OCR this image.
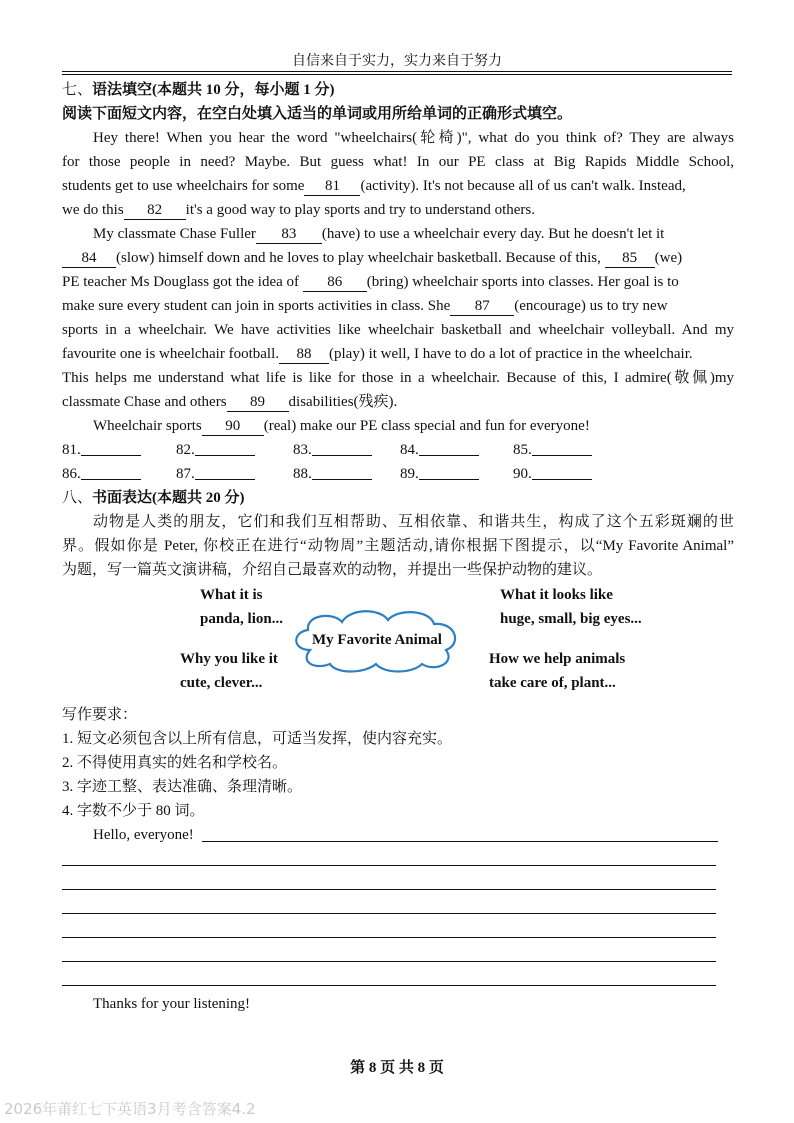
自信来自于实力，实力来自于努力
七、语法填空(本题共 10 分，每小题 1 分)
阅读下面短文内容，在空白处填入适当的单词或用所给单词的正确形式填空。
Hey there! When you hear the word "wheelchairs(轮椅)", what do you think of? They are always
for those people in need? Maybe. But guess what! In our PE class at Big Rapids Middle School,
students get to use wheelchairs for some 81 (activity). It's not because all of us can't walk. Instead,
we do this 82 it's a good way to play sports and try to understand others.
My classmate Chase Fuller 83 (have) to use a wheelchair every day. But he doesn't let it
84 (slow) himself down and he loves to play wheelchair basketball. Because of this, 85 (we)
PE teacher Ms Douglass got the idea of 86 (bring) wheelchair sports into classes. Her goal is to
make sure every student can join in sports activities in class. She 87 (encourage) us to try new
sports in a wheelchair. We have activities like wheelchair basketball and wheelchair volleyball. And my
favourite one is wheelchair football. 88 (play) it well, I have to do a lot of practice in the wheelchair.
This helps me understand what life is like for those in a wheelchair. Because of this, I admire(敬佩)my
classmate Chase and others 89 disabilities(残疾).
Wheelchair sports 90 (real) make our PE class special and fun for everyone!
81.	82.	83.	84.	85.
86.	87.	88.	89.	90.
八、书面表达(本题共 20 分)
动物是人类的朋友，它们和我们互相帮助、互相依靠、和谐共生，构成了这个五彩斑斓的世
界。假如你是 Peter, 你校正在进行“动物周”主题活动,请你根据下图提示，以“My Favorite Animal”
为题，写一篇英文演讲稿，介绍自己最喜欢的动物，并提出一些保护动物的建议。
What it is
panda, lion...
What it looks like
huge, small, big eyes...
Why you like it
cute, clever...
How we help animals
take care of, plant...
My Favorite Animal
写作要求：
1. 短文必须包含以上所有信息，可适当发挥，使内容充实。
2. 不得使用真实的姓名和学校名。
3. 字迹工整、表达准确、条理清晰。
4. 字数不少于 80 词。
Hello, everyone!
Thanks for your listening!
第 8 页 共 8 页
2026年莆红七下英语3月考含答案4.2
